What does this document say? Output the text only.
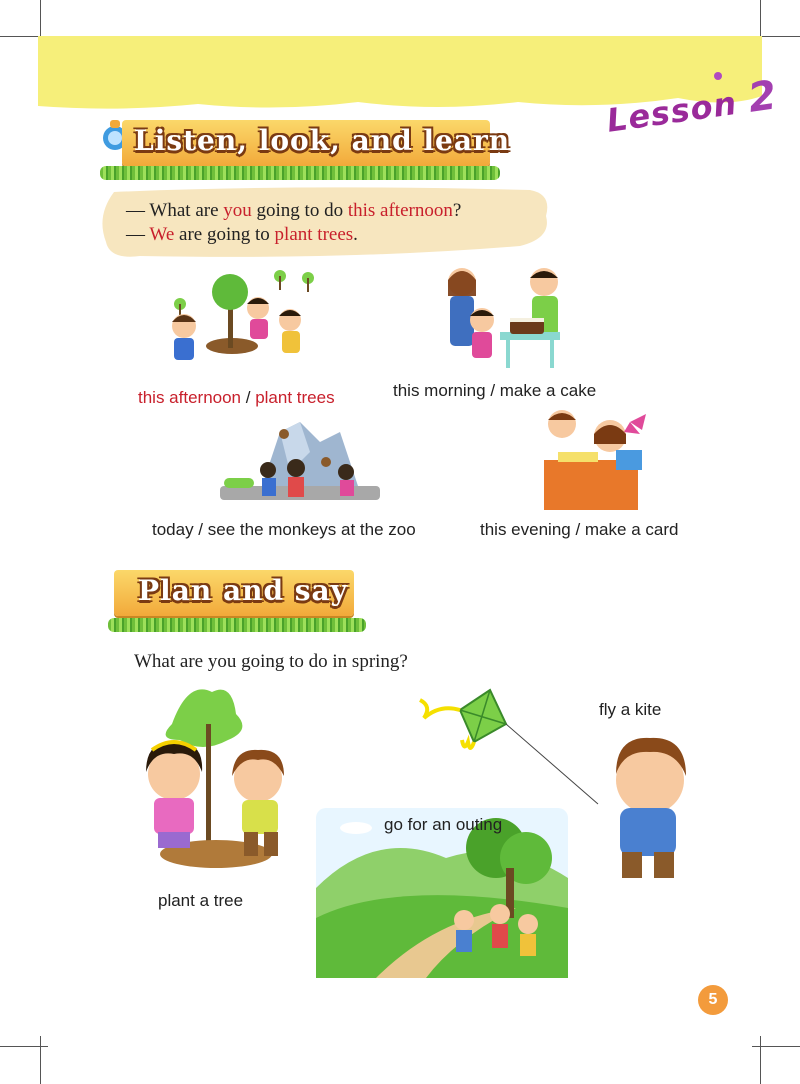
Lesson 2
Listen, look, and learn
— What are you going to do this afternoon?
— We are going to plant trees.
this afternoon / plant trees	this morning / make a cake
today / see the monkeys at the zoo	this evening / make a card
Plan and say
What are you going to do in spring?
fly a kite
plant a tree
go for an outing
5
